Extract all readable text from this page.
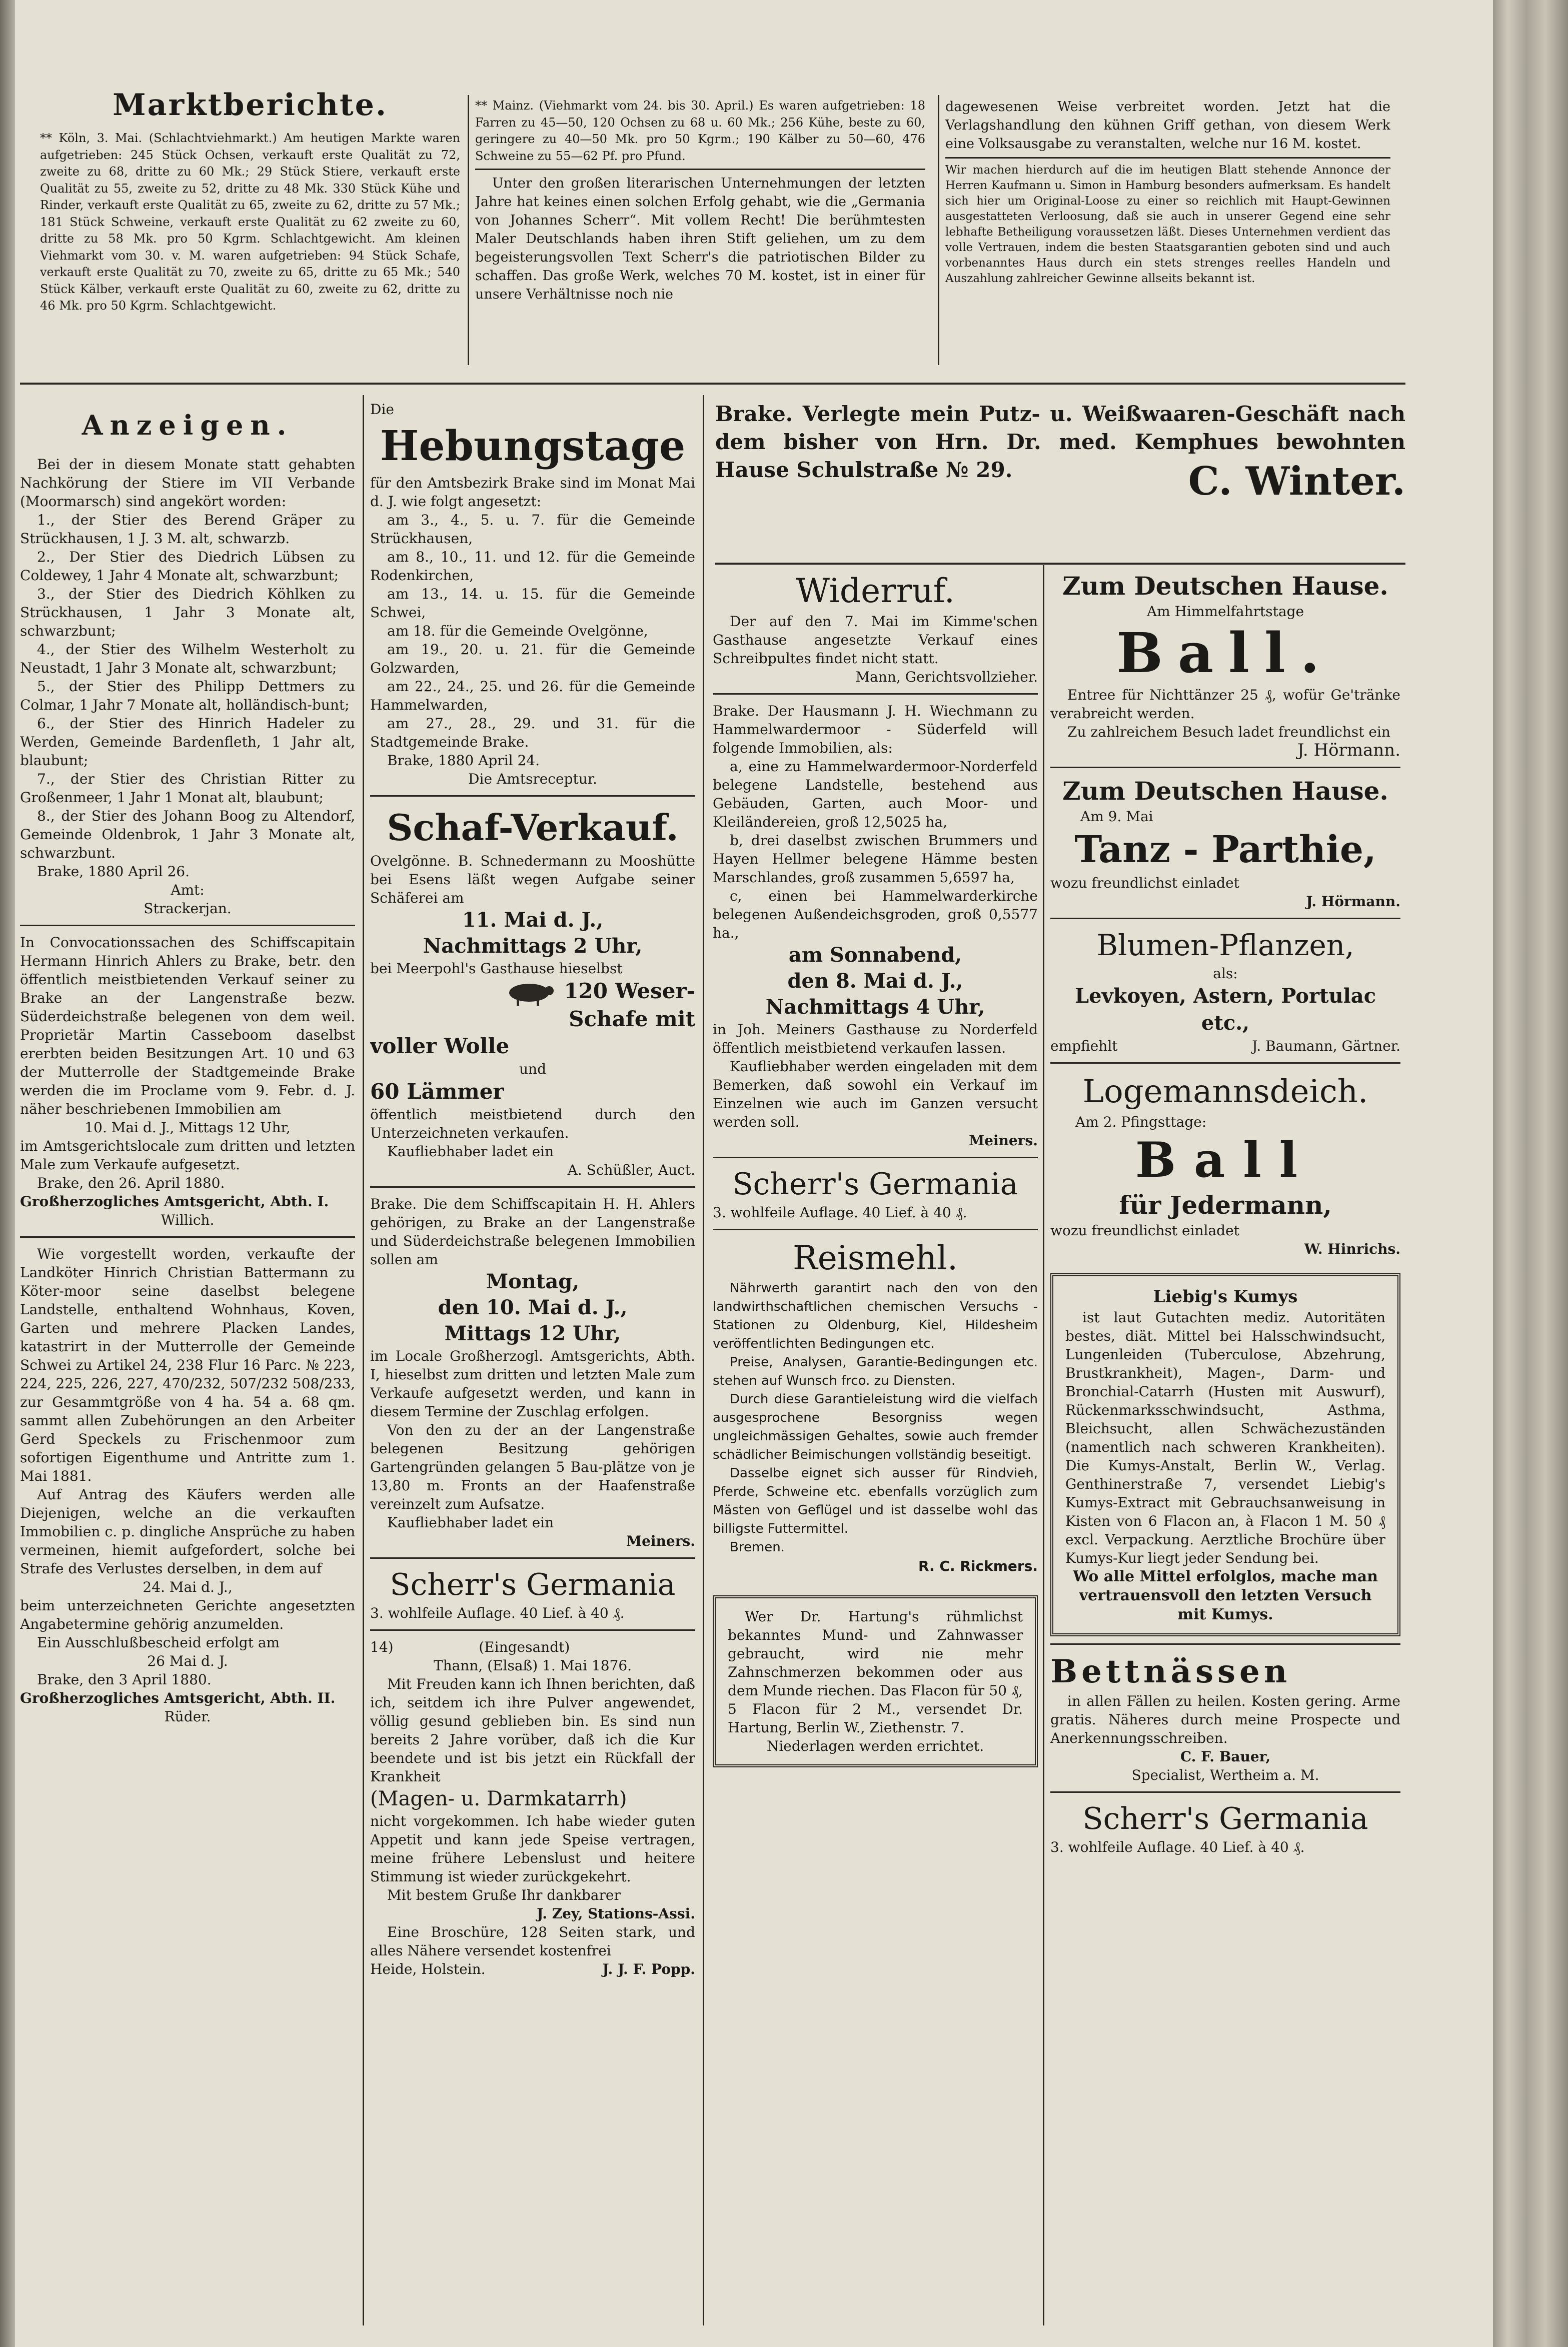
Marktberichte.

** Köln, 3. Mai. (Schlachtviehmarkt.) Am heutigen Markte waren aufgetrieben: 245 Stück Ochsen, verkauft erste Qualität zu 72, zweite zu 68, dritte zu 60 Mk.; 29 Stück Stiere, verkauft erste Qualität zu 55, zweite zu 52, dritte zu 48 Mk. 330 Stück Kühe und Rinder, verkauft erste Qualität zu 65, zweite zu 62, dritte zu 57 Mk.; 181 Stück Schweine, verkauft erste Qualität zu 62 zweite zu 60, dritte zu 58 Mk. pro 50 Kgrm. Schlachtgewicht. Am kleinen Viehmarkt vom 30. v. M. waren aufgetrieben: 94 Stück Schafe, verkauft erste Qualität zu 70, zweite zu 65, dritte zu 65 Mk.; 540 Stück Kälber, verkauft erste Qualität zu 60, zweite zu 62, dritte zu 46 Mk. pro 50 Kgrm. Schlachtgewicht.

** Mainz. (Viehmarkt vom 24. bis 30. April.) Es waren aufgetrieben: 18 Farren zu 45—50, 120 Ochsen zu 68 u. 60 Mk.; 256 Kühe, beste zu 60, geringere zu 40—50 Mk. pro 50 Kgrm.; 190 Kälber zu 50—60, 476 Schweine zu 55—62 Pf. pro Pfund.

Unter den großen literarischen Unternehmungen der letzten Jahre hat keines einen solchen Erfolg gehabt, wie die „Germania von Johannes Scherr“. Mit vollem Recht! Die berühmtesten Maler Deutschlands haben ihren Stift geliehen, um zu dem begeisterungsvollen Text Scherr's die patriotischen Bilder zu schaffen. Das große Werk, welches 70 M. kostet, ist in einer für unsere Verhältnisse noch nie

dagewesenen Weise verbreitet worden. Jetzt hat die Verlagshandlung den kühnen Griff gethan, von diesem Werk eine Volksausgabe zu veranstalten, welche nur 16 M. kostet.

Wir machen hierdurch auf die im heutigen Blatt stehende Annonce der Herren Kaufmann u. Simon in Hamburg besonders aufmerksam. Es handelt sich hier um Original-Loose zu einer so reichlich mit Haupt-Gewinnen ausgestatteten Verloosung, daß sie auch in unserer Gegend eine sehr lebhafte Betheiligung voraussetzen läßt. Dieses Unternehmen verdient das volle Vertrauen, indem die besten Staatsgarantien geboten sind und auch vorbenanntes Haus durch ein stets strenges reelles Handeln und Auszahlung zahlreicher Gewinne allseits bekannt ist.

Anzeigen.

Bei der in diesem Monate statt gehabten Nachkörung der Stiere im VII Verbande (Moormarsch) sind angekört worden:

1., der Stier des Berend Gräper zu Strückhausen, 1 J. 3 M. alt, schwarzb.

2., Der Stier des Diedrich Lübsen zu Coldewey, 1 Jahr 4 Monate alt, schwarzbunt;

3., der Stier des Diedrich Köhlken zu Strückhausen, 1 Jahr 3 Monate alt, schwarzbunt;

4., der Stier des Wilhelm Westerholt zu Neustadt, 1 Jahr 3 Monate alt, schwarzbunt;

5., der Stier des Philipp Dettmers zu Colmar, 1 Jahr 7 Monate alt, holländisch-bunt;

6., der Stier des Hinrich Hadeler zu Werden, Gemeinde Bardenfleth, 1 Jahr alt, blaubunt;

7., der Stier des Christian Ritter zu Großenmeer, 1 Jahr 1 Monat alt, blaubunt;

8., der Stier des Johann Boog zu Altendorf, Gemeinde Oldenbrok, 1 Jahr 3 Monate alt, schwarzbunt.

Brake, 1880 April 26.

Amt:

Strackerjan.

In Convocationssachen des Schiffscapitain Hermann Hinrich Ahlers zu Brake, betr. den öffentlich meistbietenden Verkauf seiner zu Brake an der Langenstraße bezw. Süderdeichstraße belegenen von dem weil. Proprietär Martin Casseboom daselbst ererbten beiden Besitzungen Art. 10 und 63 der Mutterrolle der Stadtgemeinde Brake werden die im Proclame vom 9. Febr. d. J. näher beschriebenen Immobilien am

10. Mai d. J., Mittags 12 Uhr,

im Amtsgerichtslocale zum dritten und letzten Male zum Verkaufe aufgesetzt.

Brake, den 26. April 1880.

Großherzogliches Amtsgericht, Abth. I.

Willich.

Wie vorgestellt worden, verkaufte der Landköter Hinrich Christian Battermann zu Köter-moor seine daselbst belegene Landstelle, enthaltend Wohnhaus, Koven, Garten und mehrere Placken Landes, katastrirt in der Mutterrolle der Gemeinde Schwei zu Artikel 24, 238 Flur 16 Parc. № 223, 224, 225, 226, 227, 470/232, 507/232 508/233, zur Gesammtgröße von 4 ha. 54 a. 68 qm. sammt allen Zubehörungen an den Arbeiter Gerd Speckels zu Frischenmoor zum sofortigen Eigenthume und Antritte zum 1. Mai 1881.

Auf Antrag des Käufers werden alle Diejenigen, welche an die verkauften Immobilien c. p. dingliche Ansprüche zu haben vermeinen, hiemit aufgefordert, solche bei Strafe des Verlustes derselben, in dem auf

24. Mai d. J.,

beim unterzeichneten Gerichte angesetzten Angabetermine gehörig anzumelden.

Ein Ausschlußbescheid erfolgt am

26 Mai d. J.

Brake, den 3 April 1880.

Großherzogliches Amtsgericht, Abth. II.

Rüder.

Die

Hebungstage

für den Amtsbezirk Brake sind im Monat Mai d. J. wie folgt angesetzt:

am 3., 4., 5. u. 7. für die Gemeinde Strückhausen,

am 8., 10., 11. und 12. für die Gemeinde Rodenkirchen,

am 13., 14. u. 15. für die Gemeinde Schwei,

am 18. für die Gemeinde Ovelgönne,

am 19., 20. u. 21. für die Gemeinde Golzwarden,

am 22., 24., 25. und 26. für die Gemeinde Hammelwarden,

am 27., 28., 29. und 31. für die Stadtgemeinde Brake.

Brake, 1880 April 24.

Die Amtsreceptur.

Schaf-Verkauf.

Ovelgönne. B. Schnedermann zu Mooshütte bei Esens läßt wegen Aufgabe seiner Schäferei am

11. Mai d. J.,
Nachmittags 2 Uhr,

bei Meerpohl's Gasthause hieselbst

120 Weser-
Schafe mit
voller Wolle

und

60 Lämmer

öffentlich meistbietend durch den Unterzeichneten verkaufen.

Kaufliebhaber ladet ein

A. Schüßler, Auct.

Brake. Die dem Schiffscapitain H. H. Ahlers gehörigen, zu Brake an der Langenstraße und Süderdeichstraße belegenen Immobilien sollen am

Montag,
den 10. Mai d. J.,
Mittags 12 Uhr,

im Locale Großherzogl. Amtsgerichts, Abth. I, hieselbst zum dritten und letzten Male zum Verkaufe aufgesetzt werden, und kann in diesem Termine der Zuschlag erfolgen.

Von den zu der an der Langenstraße belegenen Besitzung gehörigen Gartengründen gelangen 5 Bau-plätze von je 13,80 m. Fronts an der Haafenstraße vereinzelt zum Aufsatze.

Kaufliebhaber ladet ein

Meiners.

Scherr's Germania

3. wohlfeile Auflage. 40 Lief. à 40 ₰.

14)	(Eingesandt)

Thann, (Elsaß) 1. Mai 1876.

Mit Freuden kann ich Ihnen berichten, daß ich, seitdem ich ihre Pulver angewendet, völlig gesund geblieben bin. Es sind nun bereits 2 Jahre vorüber, daß ich die Kur beendete und ist bis jetzt ein Rückfall der Krankheit

(Magen- u. Darmkatarrh)

nicht vorgekommen. Ich habe wieder guten Appetit und kann jede Speise vertragen, meine frühere Lebenslust und heitere Stimmung ist wieder zurückgekehrt.

Mit bestem Gruße Ihr dankbarer

J. Zey, Stations-Assi.

Eine Broschüre, 128 Seiten stark, und alles Nähere versendet kostenfrei

Heide, Holstein.	J. J. F. Popp.

Brake. Verlegte mein Putz- u. Weißwaaren-Geschäft nach dem bisher von Hrn. Dr. med. Kemphues bewohnten Hause Schulstraße № 29.	C. Winter.
Widerruf.

Der auf den 7. Mai im Kimme'schen Gasthause angesetzte Verkauf eines Schreibpultes findet nicht statt.

Mann, Gerichtsvollzieher.

Brake. Der Hausmann J. H. Wiechmann zu Hammelwardermoor - Süderfeld will folgende Immobilien, als:

a, eine zu Hammelwardermoor-Norderfeld belegene Landstelle, bestehend aus Gebäuden, Garten, auch Moor- und Kleiländereien, groß 12,5025 ha,

b, drei daselbst zwischen Brummers und Hayen Hellmer belegene Hämme besten Marschlandes, groß zusammen 5,6597 ha,

c, einen bei Hammelwarderkirche belegenen Außendeichsgroden, groß 0,5577 ha.,

am Sonnabend,
den 8. Mai d. J.,
Nachmittags 4 Uhr,

in Joh. Meiners Gasthause zu Norderfeld öffentlich meistbietend verkaufen lassen.

Kaufliebhaber werden eingeladen mit dem Bemerken, daß sowohl ein Verkauf im Einzelnen wie auch im Ganzen versucht werden soll.

Meiners.

Scherr's Germania

3. wohlfeile Auflage. 40 Lief. à 40 ₰.

Reismehl.

Nährwerth garantirt nach den von den landwirthschaftlichen chemischen Versuchs - Stationen zu Oldenburg, Kiel, Hildesheim veröffentlichten Bedingungen etc.

Preise, Analysen, Garantie-Bedingungen etc. stehen auf Wunsch frco. zu Diensten.

Durch diese Garantieleistung wird die vielfach ausgesprochene Besorgniss wegen ungleichmässigen Gehaltes, sowie auch fremder schädlicher Beimischungen vollständig beseitigt.

Dasselbe eignet sich ausser für Rindvieh, Pferde, Schweine etc. ebenfalls vorzüglich zum Mästen von Geflügel und ist dasselbe wohl das billigste Futtermittel.

Bremen.

R. C. Rickmers.

Wer Dr. Hartung's rühmlichst bekanntes Mund- und Zahnwasser gebraucht, wird nie mehr Zahnschmerzen bekommen oder aus dem Munde riechen. Das Flacon für 50 ₰, 5 Flacon für 2 M., versendet Dr. Hartung, Berlin W., Ziethenstr. 7.

Niederlagen werden errichtet.

Zum Deutschen Hause.

Am Himmelfahrtstage

Ball.

Entree für Nichttänzer 25 ₰, wofür Ge'tränke verabreicht werden.

Zu zahlreichem Besuch ladet freundlichst ein

J. Hörmann.

Zum Deutschen Hause.

Am 9. Mai

Tanz - Parthie,

wozu freundlichst einladet

J. Hörmann.

Blumen-Pflanzen,

als:

Levkoyen, Astern, Portulac etc.,
empfiehlt	J. Baumann, Gärtner.
Logemannsdeich.

Am 2. Pfingsttage:

Ball
für Jedermann,

wozu freundlichst einladet

W. Hinrichs.

Liebig's Kumys

ist laut Gutachten mediz. Autoritäten bestes, diät. Mittel bei Halsschwindsucht, Lungenleiden (Tuberculose, Abzehrung, Brustkrankheit), Magen-, Darm- und Bronchial-Catarrh (Husten mit Auswurf), Rückenmarksschwindsucht, Asthma, Bleichsucht, allen Schwächezuständen (namentlich nach schweren Krankheiten). Die Kumys-Anstalt, Berlin W., Verlag. Genthinerstraße 7, versendet Liebig's Kumys-Extract mit Gebrauchsanweisung in Kisten von 6 Flacon an, à Flacon 1 M. 50 ₰ excl. Verpackung. Aerztliche Brochüre über Kumys-Kur liegt jeder Sendung bei.

Wo alle Mittel erfolglos, mache man vertrauensvoll den letzten Versuch mit Kumys.

Bettnässen

in allen Fällen zu heilen. Kosten gering. Arme gratis. Näheres durch meine Prospecte und Anerkennungsschreiben.

C. F. Bauer,

Specialist, Wertheim a. M.

Scherr's Germania

3. wohlfeile Auflage. 40 Lief. à 40 ₰.
